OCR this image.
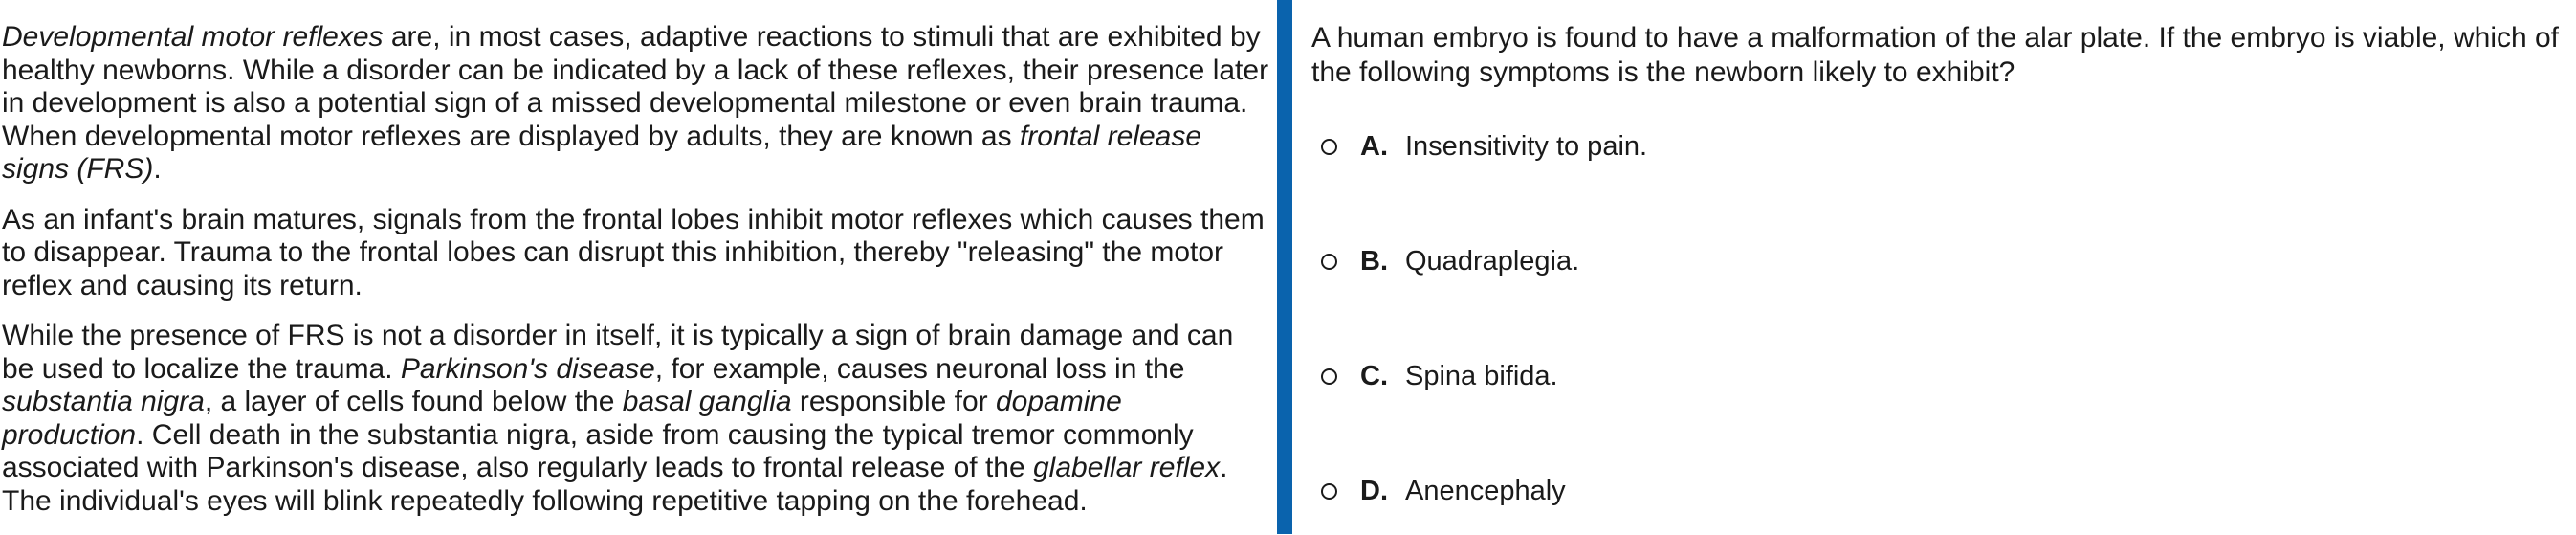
Developmental motor reflexes are, in most cases, adaptive reactions to stimuli that are exhibited by healthy newborns. While a disorder can be indicated by a lack of these reflexes, their presence later in development is also a potential sign of a missed developmental milestone or even brain trauma. When developmental motor reflexes are displayed by adults, they are known as frontal release signs (FRS).

As an infant's brain matures, signals from the frontal lobes inhibit motor reflexes which causes them to disappear. Trauma to the frontal lobes can disrupt this inhibition, thereby "releasing" the motor reflex and causing its return.

While the presence of FRS is not a disorder in itself, it is typically a sign of brain damage and can be used to localize the trauma. Parkinson's disease, for example, causes neuronal loss in the substantia nigra, a layer of cells found below the basal ganglia responsible for dopamine production. Cell death in the substantia nigra, aside from causing the typical tremor commonly associated with Parkinson's disease, also regularly leads to frontal release of the glabellar reflex. The individual's eyes will blink repeatedly following repetitive tapping on the forehead.

A human embryo is found to have a malformation of the alar plate. If the embryo is viable, which of the following symptoms is the newborn likely to exhibit?

A. Insensitivity to pain.
B. Quadraplegia.
C. Spina bifida.
D. Anencephaly
